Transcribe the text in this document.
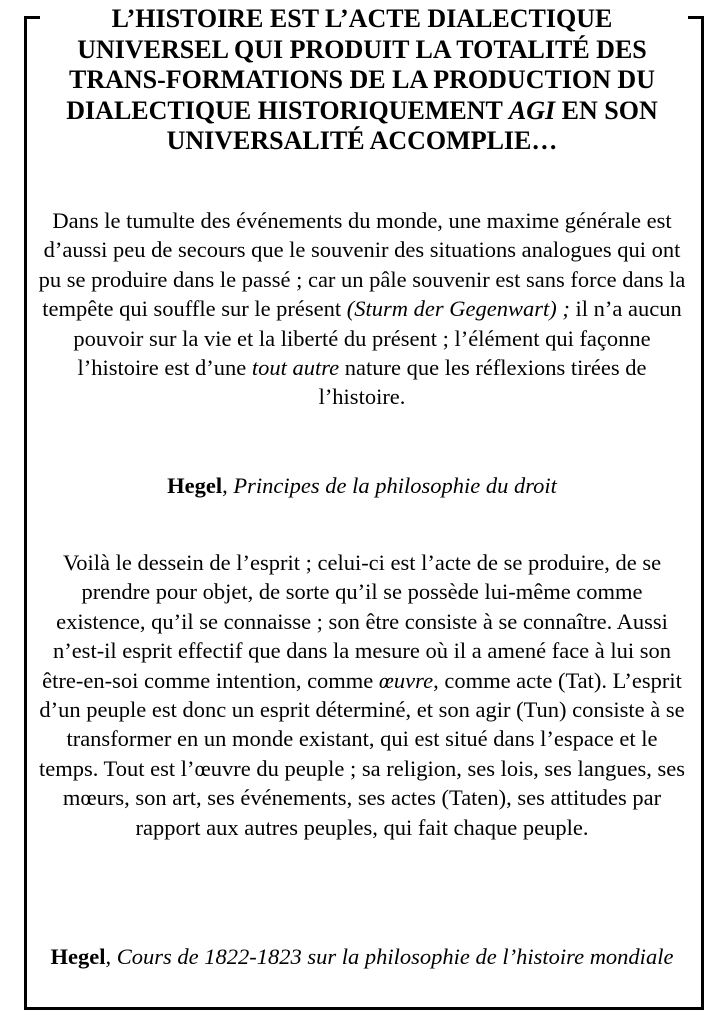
L’HISTOIRE EST L’ACTE DIALECTIQUE UNIVERSEL QUI PRODUIT LA TOTALITÉ DES TRANS-FORMATIONS DE LA PRODUCTION DU DIALECTIQUE HISTORIQUEMENT AGI EN SON UNIVERSALITÉ ACCOMPLIE…

Dans le tumulte des événements du monde, une maxime générale est d’aussi peu de secours que le souvenir des situations analogues qui ont pu se produire dans le passé ; car un pâle souvenir est sans force dans la tempête qui souffle sur le présent (Sturm der Gegenwart) ; il n’a aucun pouvoir sur la vie et la liberté du présent ; l’élément qui façonne l’histoire est d’une tout autre nature que les réflexions tirées de l’histoire.

Hegel, Principes de la philosophie du droit

Voilà le dessein de l’esprit ; celui-ci est l’acte de se produire, de se prendre pour objet, de sorte qu’il se possède lui-même comme existence, qu’il se connaisse ; son être consiste à se connaître. Aussi n’est-il esprit effectif que dans la mesure où il a amené face à lui son être-en-soi comme intention, comme œuvre, comme acte (Tat). L’esprit d’un peuple est donc un esprit déterminé, et son agir (Tun) consiste à se transformer en un monde existant, qui est situé dans l’espace et le temps. Tout est l’œuvre du peuple ; sa religion, ses lois, ses langues, ses mœurs, son art, ses événements, ses actes (Taten), ses attitudes par rapport aux autres peuples, qui fait chaque peuple.

Hegel, Cours de 1822-1823 sur la philosophie de l’histoire mondiale
